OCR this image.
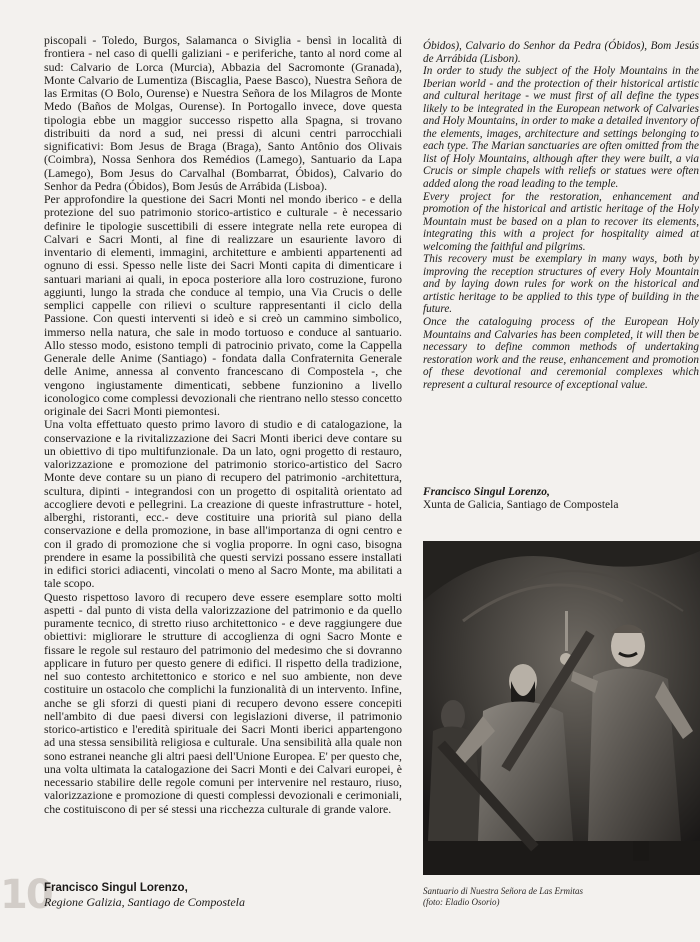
piscopali - Toledo, Burgos, Salamanca o Siviglia - bensì in località di frontiera - nel caso di quelli galiziani - e periferiche, tanto al nord come al sud: Calvario de Lorca (Murcia), Abbazia del Sacromonte (Granada), Monte Calvario de Lumentiza (Biscaglia, Paese Basco), Nuestra Señora de las Ermitas (O Bolo, Ourense) e Nuestra Señora de los Milagros de Monte Medo (Baños de Molgas, Ourense). In Portogallo invece, dove questa tipologia ebbe un maggior successo rispetto alla Spagna, si trovano distribuiti da nord a sud, nei pressi di alcuni centri parrocchiali significativi: Bom Jesus de Braga (Braga), Santo Antônio dos Olivais (Coimbra), Nossa Senhora dos Remédios (Lamego), Santuario da Lapa (Lamego), Bom Jesus do Carvalhal (Bombarrat, Óbidos), Calvario do Senhor da Pedra (Óbidos), Bom Jesús de Arrábida (Lisboa).

Per approfondire la questione dei Sacri Monti nel mondo iberico - e della protezione del suo patrimonio storico-artistico e culturale - è necessario definire le tipologie suscettibili di essere integrate nella rete europea di Calvari e Sacri Monti, al fine di realizzare un esauriente lavoro di inventario di elementi, immagini, architetture e ambienti appartenenti ad ognuno di essi. Spesso nelle liste dei Sacri Monti capita di dimenticare i santuari mariani ai quali, in epoca posteriore alla loro costruzione, furono aggiunti, lungo la strada che conduce al tempio, una Via Crucis o delle semplici cappelle con rilievi o sculture rappresentanti il ciclo della Passione. Con questi interventi si ideò e si creò un cammino simbolico, immerso nella natura, che sale in modo tortuoso e conduce al santuario. Allo stesso modo, esistono templi di patrocinio privato, come la Cappella Generale delle Anime (Santiago) - fondata dalla Confraternita Generale delle Anime, annessa al convento francescano di Compostela -, che vengono ingiustamente dimenticati, sebbene funzionino a livello iconologico come complessi devozionali che rientrano nello stesso concetto originale dei Sacri Monti piemontesi.

Una volta effettuato questo primo lavoro di studio e di catalogazione, la conservazione e la rivitalizzazione dei Sacri Monti iberici deve contare su un obiettivo di tipo multifunzionale. Da un lato, ogni progetto di restauro, valorizzazione e promozione del patrimonio storico-artistico del Sacro Monte deve contare su un piano di recupero del patrimonio -architettura, scultura, dipinti - integrandosi con un progetto di ospitalità orientato ad accogliere devoti e pellegrini. La creazione di queste infrastrutture - hotel, alberghi, ristoranti, ecc.- deve costituire una priorità sul piano della conservazione e della promozione, in base all'importanza di ogni centro e con il grado di promozione che si voglia proporre. In ogni caso, bisogna prendere in esame la possibilità che questi servizi possano essere installati in edifici storici adiacenti, vincolati o meno al Sacro Monte, ma abilitati a tale scopo.

Questo rispettoso lavoro di recupero deve essere esemplare sotto molti aspetti - dal punto di vista della valorizzazione del patrimonio e da quello puramente tecnico, di stretto riuso architettonico - e deve raggiungere due obiettivi: migliorare le strutture di accoglienza di ogni Sacro Monte e fissare le regole sul restauro del patrimonio del medesimo che si dovranno applicare in futuro per questo genere di edifici. Il rispetto della tradizione, nel suo contesto architettonico e storico e nel suo ambiente, non deve costituire un ostacolo che complichi la funzionalità di un intervento. Infine, anche se gli sforzi di questi piani di recupero devono essere concepiti nell'ambito di due paesi diversi con legislazioni diverse, il patrimonio storico-artistico e l'eredità spirituale dei Sacri Monti iberici appartengono ad una stessa sensibilità religiosa e culturale. Una sensibilità alla quale non sono estranei neanche gli altri paesi dell'Unione Europea. E' per questo che, una volta ultimata la catalogazione dei Sacri Monti e dei Calvari europei, è necessario stabilire delle regole comuni per intervenire nel restauro, riuso, valorizzazione e promozione di questi complessi devozionali e cerimoniali, che costituiscono di per sé stessi una ricchezza culturale di grande valore.

Óbidos), Calvario do Senhor da Pedra (Óbidos), Bom Jesús de Arrábida (Lisbon).

In order to study the subject of the Holy Mountains in the Iberian world - and the protection of their historical artistic and cultural heritage - we must first of all define the types likely to be integrated in the European network of Calvaries and Holy Mountains, in order to make a detailed inventory of the elements, images, architecture and settings belonging to each type. The Marian sanctuaries are often omitted from the list of Holy Mountains, although after they were built, a via Crucis or simple chapels with reliefs or statues were often added along the road leading to the temple.

Every project for the restoration, enhancement and promotion of the historical and artistic heritage of the Holy Mountain must be based on a plan to recover its elements, integrating this with a project for hospitality aimed at welcoming the faithful and pilgrims.

This recovery must be exemplary in many ways, both by improving the reception structures of every Holy Mountain and by laying down rules for work on the historical and artistic heritage to be applied to this type of building in the future.

Once the cataloguing process of the European Holy Mountains and Calvaries has been completed, it will then be necessary to define common methods of undertaking restoration work and the reuse, enhancement and promotion of these devotional and ceremonial complexes which represent a cultural resource of exceptional value.

Francisco Singul Lorenzo,
Xunta de Galicia, Santiago de Compostela
Santuario di Nuestra Señora de Las Ermitas
(foto: Eladio Osorio)
10
Francisco Singul Lorenzo,
Regione Galizia, Santiago de Compostela
